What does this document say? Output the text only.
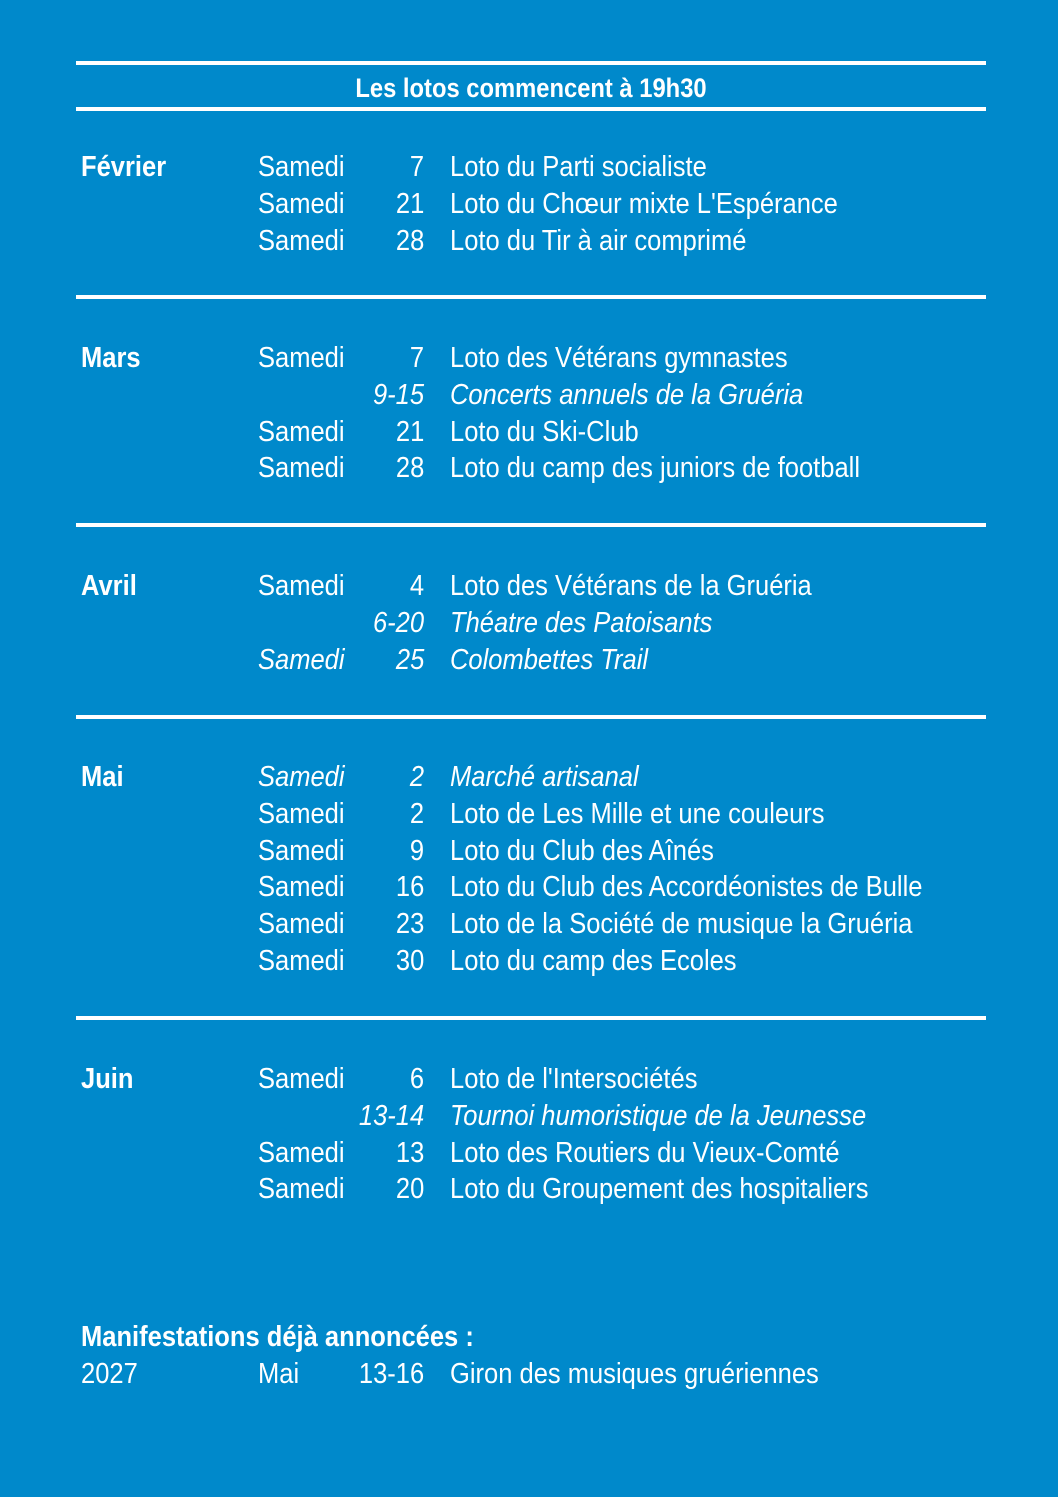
Les lotos commencent à 19h30
Février	Samedi 7 Loto du Parti socialiste
Samedi 21 Loto du Chœur mixte L'Espérance
Samedi 28 Loto du Tir à air comprimé
Mars	Samedi 7 Loto des Vétérans gymnastes
9-15 Concerts annuels de la Gruéria
Samedi 21 Loto du Ski-Club
Samedi 28 Loto du camp des juniors de football
Avril	Samedi 4 Loto des Vétérans de la Gruéria
6-20 Théatre des Patoisants
Samedi 25 Colombettes Trail
Mai	Samedi 2 Marché artisanal
Samedi 2 Loto de Les Mille et une couleurs
Samedi 9 Loto du Club des Aînés
Samedi 16 Loto du Club des Accordéonistes de Bulle
Samedi 23 Loto de la Société de musique la Gruéria
Samedi 30 Loto du camp des Ecoles
Juin	Samedi 6 Loto de l'Intersociétés
13-14 Tournoi humoristique de la Jeunesse
Samedi 13 Loto des Routiers du Vieux-Comté
Samedi 20 Loto du Groupement des hospitaliers
Manifestations déjà annoncées :
2027	Mai 13-16 Giron des musiques gruériennes
